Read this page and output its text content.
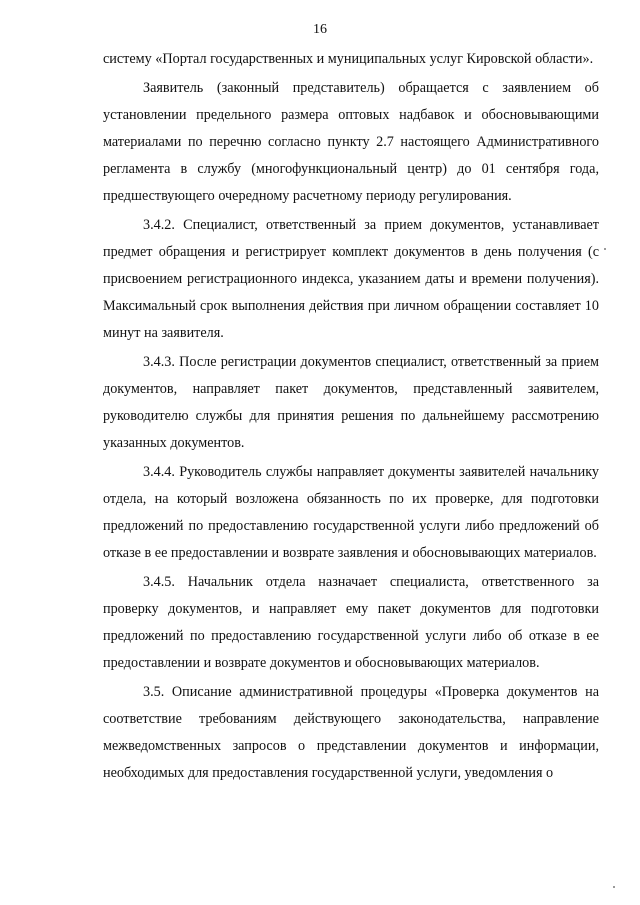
16

систему «Портал государственных и муниципальных услуг Кировской области».

Заявитель (законный представитель) обращается с заявлением об установлении предельного размера оптовых надбавок и обосновывающими материалами по перечню согласно пункту 2.7 настоящего Административного регламента в службу (многофункциональный центр) до 01 сентября года, предшествующего очередному расчетному периоду регулирования.

3.4.2. Специалист, ответственный за прием документов, устанавливает предмет обращения и регистрирует комплект документов в день получения (с присвоением регистрационного индекса, указанием даты и времени получения). Максимальный срок выполнения действия при личном обращении составляет 10 минут на заявителя.

3.4.3. После регистрации документов специалист, ответственный за прием документов, направляет пакет документов, представленный заявителем, руководителю службы для принятия решения по дальнейшему рассмотрению указанных документов.

3.4.4. Руководитель службы направляет документы заявителей начальнику отдела, на который возложена обязанность по их проверке, для подготовки предложений по предоставлению государственной услуги либо предложений об отказе в ее предоставлении и возврате заявления и обосновывающих материалов.

3.4.5. Начальник отдела назначает специалиста, ответственного за проверку документов, и направляет ему пакет документов для подготовки предложений по предоставлению государственной услуги либо об отказе в ее предоставлении и возврате документов и обосновывающих материалов.

3.5. Описание административной процедуры «Проверка документов на соответствие требованиям действующего законодательства, направление межведомственных запросов о представлении документов и информации, необходимых для предоставления государственной услуги, уведомления о
